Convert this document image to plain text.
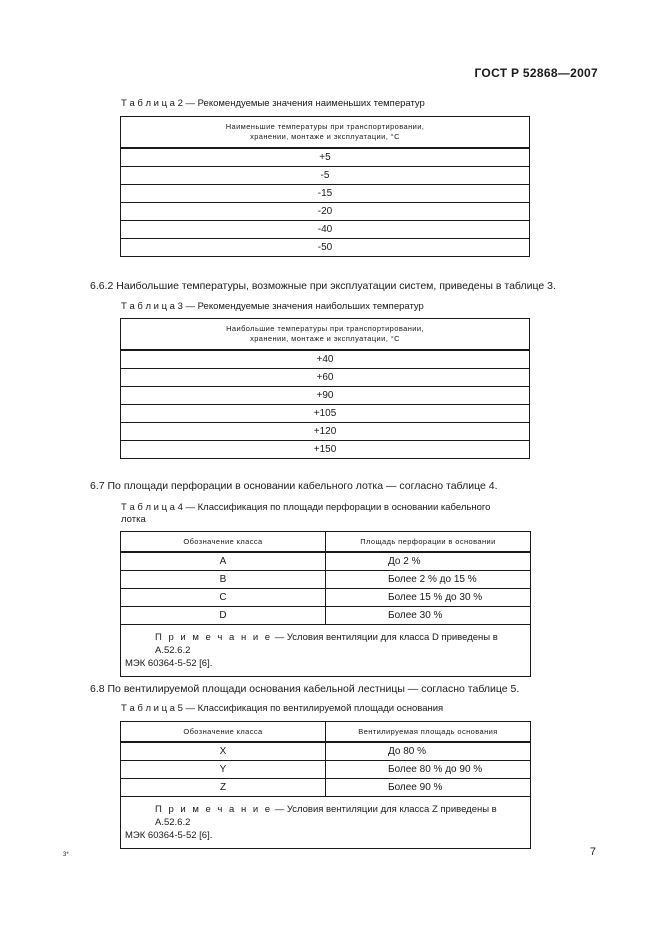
ГОСТ Р 52868—2007
Т а б л и ц а 2 — Рекомендуемые значения наименьших температур
Наименьшие температуры при транспортировании,
хранении, монтаже и эксплуатации, °С

+5
-5
-15
-20
-40
-50
6.6.2 Наибольшие температуры, возможные при эксплуатации систем, приведены в таблице 3.
Т а б л и ц а 3 — Рекомендуемые значения наибольших температур
Наибольшие температуры при транспортировании,
хранении, монтаже и эксплуатации, °С

+40
+60
+90
+105
+120
+150
6.7 По площади перфорации в основании кабельного лотка — согласно таблице 4.
Т а б л и ц а 4 — Классификация по площади перфорации в основании кабельного
лотка
Обозначение класса	Площадь перфорации в основании
А	До 2 %
В	Более 2 % до 15 %
С	Более 15 % до 30 %
D	Более 30 %

П р и м е ч а н и е — Условия вентиляции для класса D приведены в А.52.6.2
МЭК 60364-5-52 [6].	
6.8 По вентилируемой площади основания кабельной лестницы — согласно таблице 5.
Т а б л и ц а 5 — Классификация по вентилируемой площади основания
Обозначение класса	Вентилируемая площадь основания
X	До 80 %
Y	Более 80 % до 90 %
Z	Более 90 %

П р и м е ч а н и е — Условия вентиляции для класса Z приведены в А.52.6.2
МЭК 60364-5-52 [6].	
3*	7
